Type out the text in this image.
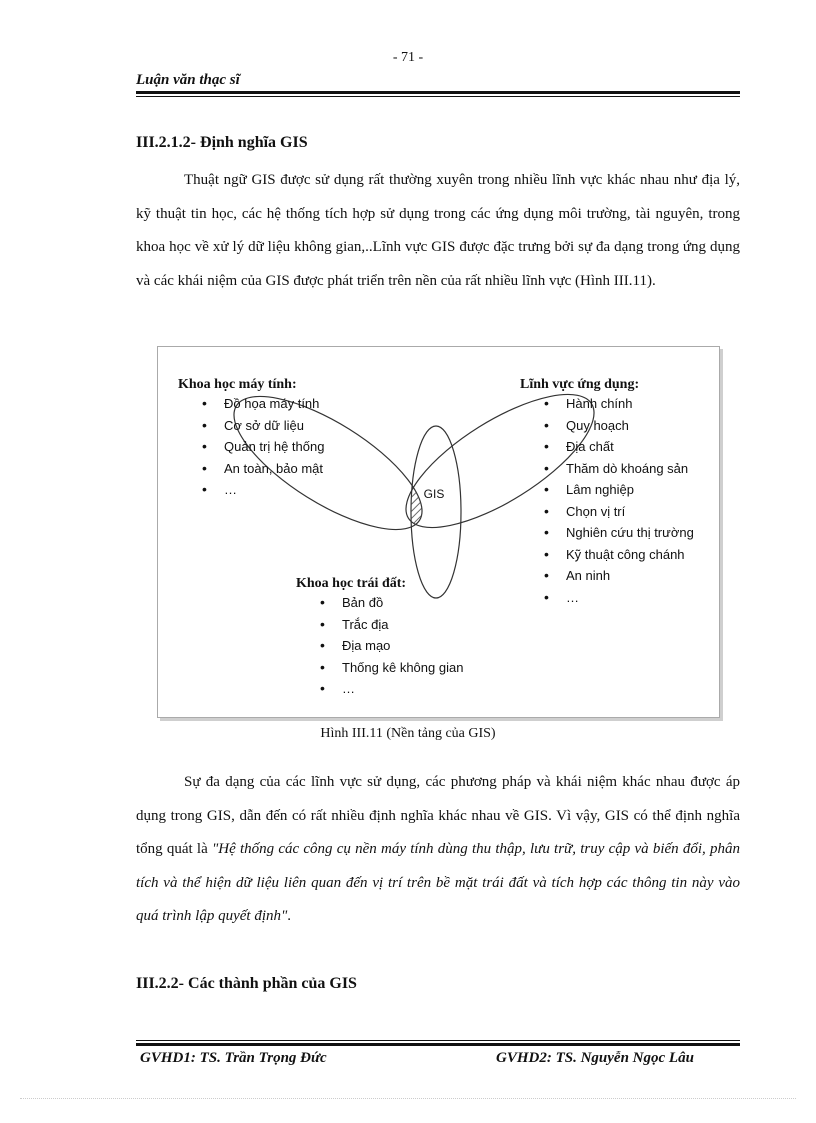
- 71 -
Luận văn thạc sĩ
III.2.1.2- Định nghĩa GIS
Thuật ngữ GIS được sử dụng rất thường xuyên trong nhiều lĩnh vực khác nhau như địa lý, kỹ thuật tin học, các hệ thống tích hợp sử dụng trong các ứng dụng môi trường, tài nguyên, trong khoa học về xử lý dữ liệu không gian,..Lĩnh vực GIS được đặc trưng bởi sự đa dạng trong ứng dụng và các khái niệm của GIS được phát triển trên nền của rất nhiều lĩnh vực (Hình III.11).
GIS
Khoa học máy tính:
• Đồ họa máy tính
• Cơ sở dữ liệu
• Quản trị hệ thống
• An toàn, bảo mật
• …
Lĩnh vực ứng dụng:
• Hành chính
• Quy hoạch
• Địa chất
• Thăm dò khoáng sản
• Lâm nghiệp
• Chọn vị trí
• Nghiên cứu thị trường
• Kỹ thuật công chánh
• An ninh
• …
Khoa học trái đất:
• Bản đồ
• Trắc địa
• Địa mạo
• Thống kê không gian
• …
Hình III.11 (Nền tảng của GIS)
Sự đa dạng của các lĩnh vực sử dụng, các phương pháp và khái niệm khác nhau được áp dụng trong GIS, dẫn đến có rất nhiều định nghĩa khác nhau về GIS. Vì vậy, GIS có thể định nghĩa tổng quát là "Hệ thống các công cụ nền máy tính dùng thu thập, lưu trữ, truy cập và biến đổi, phân tích và thể hiện dữ liệu liên quan đến vị trí trên bề mặt trái đất và tích hợp các thông tin này vào quá trình lập quyết định".
III.2.2- Các thành phần của GIS
GVHD1: TS. Trần Trọng Đức	GVHD2: TS. Nguyễn Ngọc Lâu
